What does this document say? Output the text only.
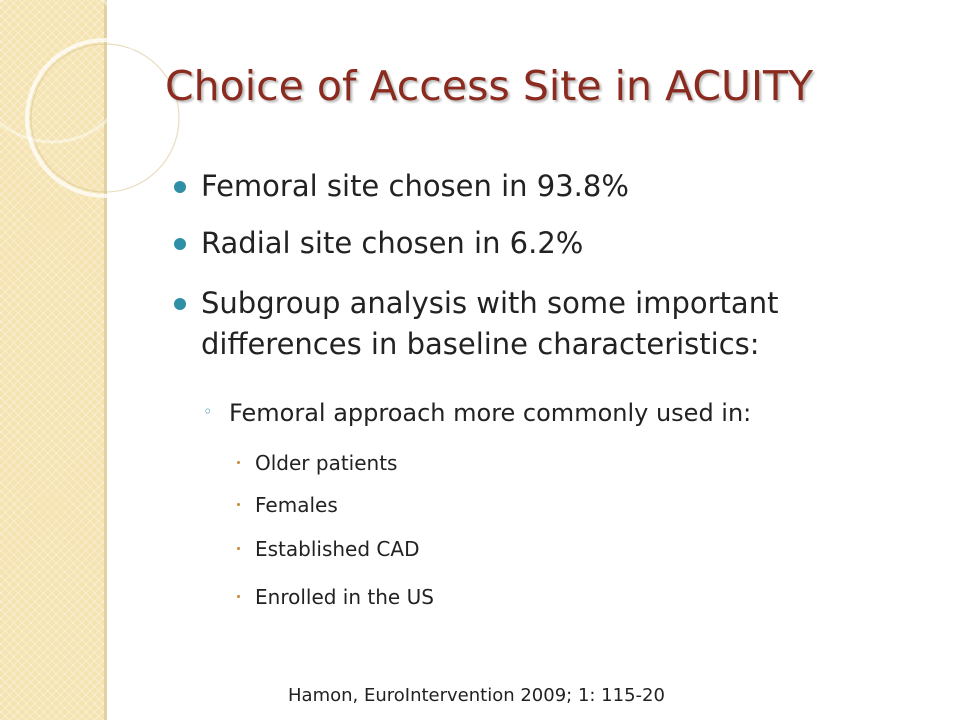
Choice of Access Site in ACUITY
Femoral site chosen in 93.8%
Radial site chosen in 6.2%
Subgroup analysis with some important
differences in baseline characteristics:
◦ Femoral approach more commonly used in:
Older patients
Females
Established CAD
Enrolled in the US
Hamon, EuroIntervention 2009; 1: 115-20
